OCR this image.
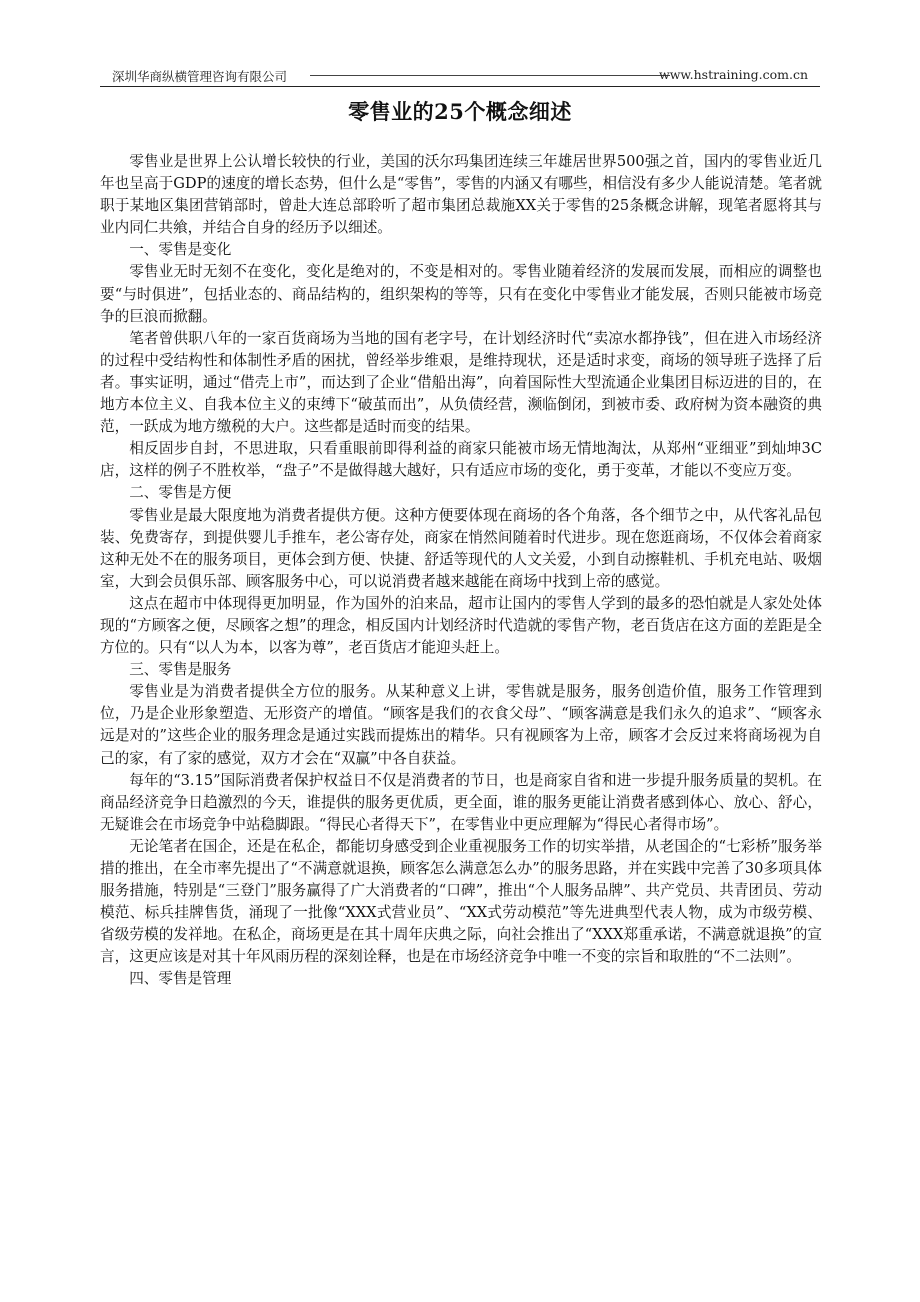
深圳华商纵横管理咨询有限公司	www.hstraining.com.cn
零售业的25个概念细述

零售业是世界上公认增长较快的行业，美国的沃尔玛集团连续三年雄居世界500强之首，国内的零售业近几年也呈高于GDP的速度的增长态势，但什么是“零售”，零售的内涵又有哪些，相信没有多少人能说清楚。笔者就职于某地区集团营销部时，曾赴大连总部聆听了超市集团总裁施XX关于零售的25条概念讲解，现笔者愿将其与业内同仁共飨，并结合自身的经历予以细述。

一、零售是变化

零售业无时无刻不在变化，变化是绝对的，不变是相对的。零售业随着经济的发展而发展，而相应的调整也要“与时俱进”，包括业态的、商品结构的，组织架构的等等，只有在变化中零售业才能发展，否则只能被市场竞争的巨浪而掀翻。

笔者曾供职八年的一家百货商场为当地的国有老字号，在计划经济时代“卖凉水都挣钱”，但在进入市场经济的过程中受结构性和体制性矛盾的困扰，曾经举步维艰，是维持现状，还是适时求变，商场的领导班子选择了后者。事实证明，通过“借壳上市”，而达到了企业“借船出海”，向着国际性大型流通企业集团目标迈进的目的，在地方本位主义、自我本位主义的束缚下“破茧而出”，从负债经营，濒临倒闭，到被市委、政府树为资本融资的典范，一跃成为地方缴税的大户。这些都是适时而变的结果。

相反固步自封，不思进取，只看重眼前即得利益的商家只能被市场无情地淘汰，从郑州“亚细亚”到灿坤3C店，这样的例子不胜枚举，“盘子”不是做得越大越好，只有适应市场的变化，勇于变革，才能以不变应万变。

二、零售是方便

零售业是最大限度地为消费者提供方便。这种方便要体现在商场的各个角落，各个细节之中，从代客礼品包装、免费寄存，到提供婴儿手推车，老公寄存处，商家在悄然间随着时代进步。现在您逛商场，不仅体会着商家这种无处不在的服务项目，更体会到方便、快捷、舒适等现代的人文关爱，小到自动擦鞋机、手机充电站、吸烟室，大到会员俱乐部、顾客服务中心，可以说消费者越来越能在商场中找到上帝的感觉。

这点在超市中体现得更加明显，作为国外的泊来品，超市让国内的零售人学到的最多的恐怕就是人家处处体现的“方顾客之便，尽顾客之想”的理念，相反国内计划经济时代造就的零售产物，老百货店在这方面的差距是全方位的。只有“以人为本，以客为尊”，老百货店才能迎头赶上。

三、零售是服务

零售业是为消费者提供全方位的服务。从某种意义上讲，零售就是服务，服务创造价值，服务工作管理到位，乃是企业形象塑造、无形资产的增值。“顾客是我们的衣食父母”、“顾客满意是我们永久的追求”、“顾客永远是对的”这些企业的服务理念是通过实践而提炼出的精华。只有视顾客为上帝，顾客才会反过来将商场视为自己的家，有了家的感觉，双方才会在“双赢”中各自获益。

每年的“3.15”国际消费者保护权益日不仅是消费者的节日，也是商家自省和进一步提升服务质量的契机。在商品经济竞争日趋激烈的今天，谁提供的服务更优质，更全面，谁的服务更能让消费者感到体心、放心、舒心，无疑谁会在市场竞争中站稳脚跟。“得民心者得天下”，在零售业中更应理解为“得民心者得市场”。

无论笔者在国企，还是在私企，都能切身感受到企业重视服务工作的切实举措，从老国企的“七彩桥”服务举措的推出，在全市率先提出了“不满意就退换，顾客怎么满意怎么办”的服务思路，并在实践中完善了30多项具体服务措施，特别是“三登门”服务赢得了广大消费者的“口碑”，推出“个人服务品牌”、共产党员、共青团员、劳动模范、标兵挂牌售货，涌现了一批像“XXX式营业员”、“XX式劳动模范”等先进典型代表人物，成为市级劳模、省级劳模的发祥地。在私企，商场更是在其十周年庆典之际，向社会推出了“XXX郑重承诺，不满意就退换”的宣言，这更应该是对其十年风雨历程的深刻诠释，也是在市场经济竞争中唯一不变的宗旨和取胜的“不二法则”。

四、零售是管理
